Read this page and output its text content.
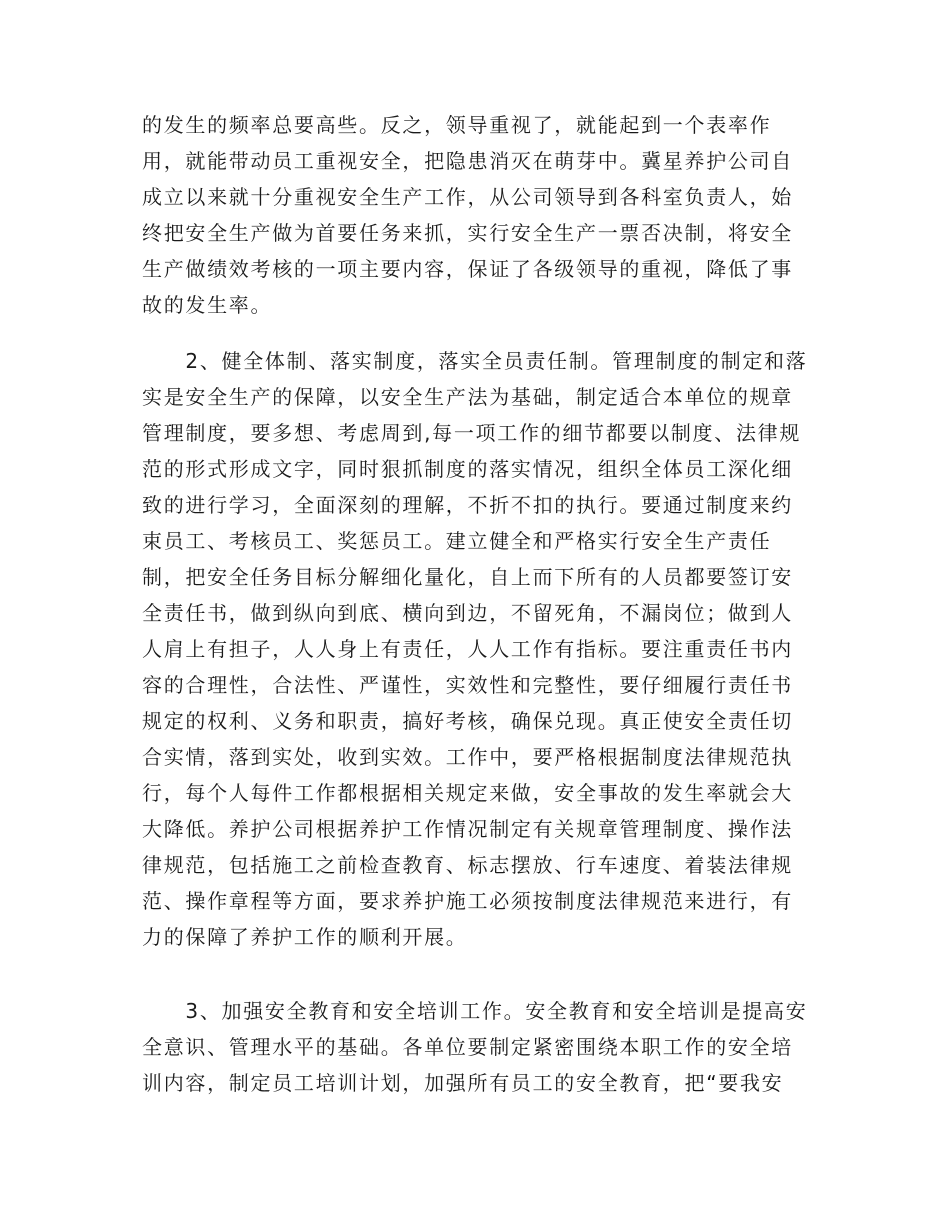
的发生的频率总要高些。反之，领导重视了，就能起到一个表率作
用，就能带动员工重视安全，把隐患消灭在萌芽中。冀星养护公司自
成立以来就十分重视安全生产工作，从公司领导到各科室负责人，始
终把安全生产做为首要任务来抓，实行安全生产一票否决制，将安全
生产做绩效考核的一项主要内容，保证了各级领导的重视，降低了事
故的发生率。
　　2、健全体制、落实制度，落实全员责任制。管理制度的制定和落
实是安全生产的保障，以安全生产法为基础，制定适合本单位的规章
管理制度，要多想、考虑周到,每一项工作的细节都要以制度、法律规
范的形式形成文字，同时狠抓制度的落实情况，组织全体员工深化细
致的进行学习，全面深刻的理解，不折不扣的执行。要通过制度来约
束员工、考核员工、奖惩员工。建立健全和严格实行安全生产责任
制，把安全任务目标分解细化量化，自上而下所有的人员都要签订安
全责任书，做到纵向到底、横向到边，不留死角，不漏岗位；做到人
人肩上有担子，人人身上有责任，人人工作有指标。要注重责任书内
容的合理性，合法性、严谨性，实效性和完整性，要仔细履行责任书
规定的权利、义务和职责，搞好考核，确保兑现。真正使安全责任切
合实情，落到实处，收到实效。工作中，要严格根据制度法律规范执
行，每个人每件工作都根据相关规定来做，安全事故的发生率就会大
大降低。养护公司根据养护工作情况制定有关规章管理制度、操作法
律规范，包括施工之前检查教育、标志摆放、行车速度、着装法律规
范、操作章程等方面，要求养护施工必须按制度法律规范来进行，有
力的保障了养护工作的顺利开展。
　　3、加强安全教育和安全培训工作。安全教育和安全培训是提高安
全意识、管理水平的基础。各单位要制定紧密围绕本职工作的安全培
训内容，制定员工培训计划，加强所有员工的安全教育，把“要我安
